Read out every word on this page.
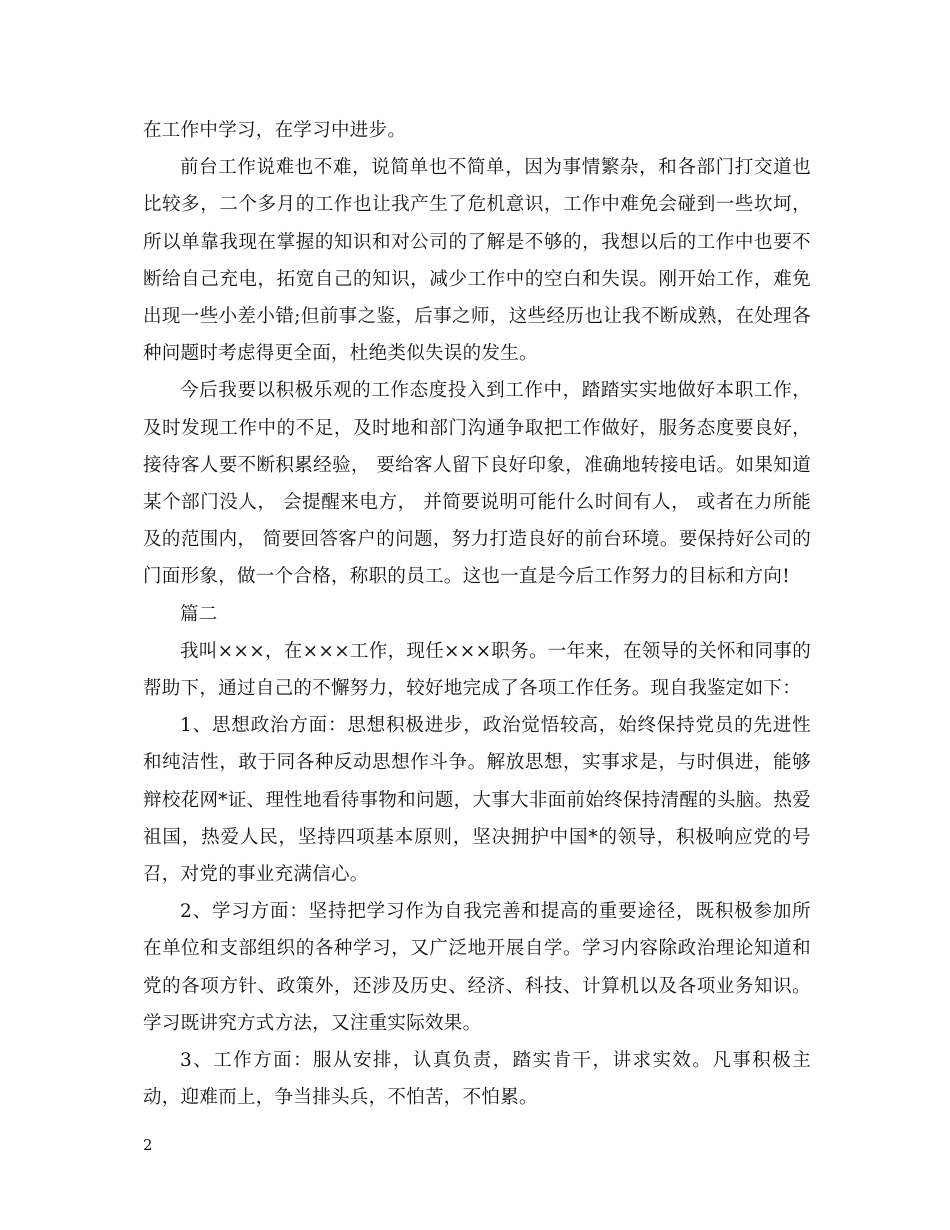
在工作中学习，在学习中进步。

前台工作说难也不难，说简单也不简单，因为事情繁杂，和各部门打交道也比较多，二个多月的工作也让我产生了危机意识，工作中难免会碰到一些坎坷，所以单靠我现在掌握的知识和对公司的了解是不够的，我想以后的工作中也要不断给自己充电，拓宽自己的知识，减少工作中的空白和失误。刚开始工作，难免出现一些小差小错;但前事之鉴，后事之师，这些经历也让我不断成熟，在处理各种问题时考虑得更全面，杜绝类似失误的发生。

今后我要以积极乐观的工作态度投入到工作中，踏踏实实地做好本职工作，及时发现工作中的不足，及时地和部门沟通争取把工作做好，服务态度要良好，接待客人要不断积累经验， 要给客人留下良好印象，准确地转接电话。如果知道某个部门没人， 会提醒来电方， 并简要说明可能什么时间有人， 或者在力所能及的范围内， 简要回答客户的问题，努力打造良好的前台环境。要保持好公司的门面形象，做一个合格，称职的员工。这也一直是今后工作努力的目标和方向!

篇二

我叫×××，在×××工作，现任×××职务。一年来，在领导的关怀和同事的帮助下，通过自己的不懈努力，较好地完成了各项工作任务。现自我鉴定如下：

1、思想政治方面：思想积极进步，政治觉悟较高，始终保持党员的先进性和纯洁性，敢于同各种反动思想作斗争。解放思想，实事求是，与时俱进，能够辩校花网*证、理性地看待事物和问题，大事大非面前始终保持清醒的头脑。热爱祖国，热爱人民，坚持四项基本原则，坚决拥护中国*的领导，积极响应党的号召，对党的事业充满信心。

2、学习方面：坚持把学习作为自我完善和提高的重要途径，既积极参加所在单位和支部组织的各种学习，又广泛地开展自学。学习内容除政治理论知道和党的各项方针、政策外，还涉及历史、经济、科技、计算机以及各项业务知识。学习既讲究方式方法，又注重实际效果。

3、工作方面：服从安排，认真负责，踏实肯干，讲求实效。凡事积极主动，迎难而上，争当排头兵，不怕苦，不怕累。

2
